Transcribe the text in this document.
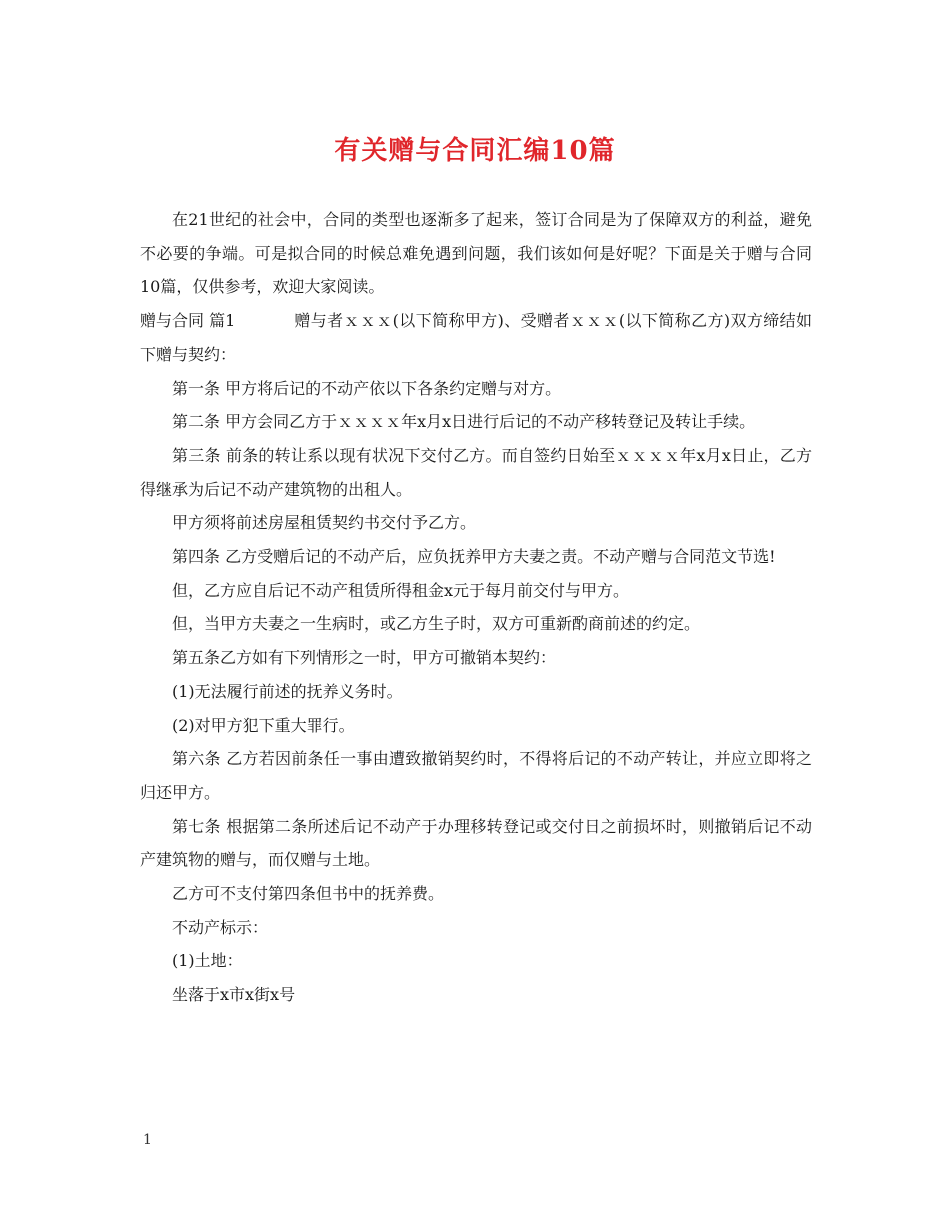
有关赠与合同汇编10篇

在21世纪的社会中，合同的类型也逐渐多了起来，签订合同是为了保障双方的利益，避免不必要的争端。可是拟合同的时候总难免遇到问题，我们该如何是好呢？下面是关于赠与合同10篇，仅供参考，欢迎大家阅读。

赠与合同 篇1	赠与者ｘｘｘ(以下简称甲方)、受赠者ｘｘｘ(以下简称乙方)双方缔结如下赠与契约：

第一条 甲方将后记的不动产依以下各条约定赠与对方。

第二条 甲方会同乙方于ｘｘｘｘ年x月x日进行后记的不动产移转登记及转让手续。

第三条 前条的转让系以现有状况下交付乙方。而自签约日始至ｘｘｘｘ年x月x日止，乙方得继承为后记不动产建筑物的出租人。

甲方须将前述房屋租赁契约书交付予乙方。

第四条 乙方受赠后记的不动产后，应负抚养甲方夫妻之责。不动产赠与合同范文节选!

但，乙方应自后记不动产租赁所得租金x元于每月前交付与甲方。

但，当甲方夫妻之一生病时，或乙方生子时，双方可重新酌商前述的约定。

第五条乙方如有下列情形之一时，甲方可撤销本契约：

(1)无法履行前述的抚养义务时。

(2)对甲方犯下重大罪行。

第六条 乙方若因前条任一事由遭致撤销契约时，不得将后记的不动产转让，并应立即将之归还甲方。

第七条 根据第二条所述后记不动产于办理移转登记或交付日之前损坏时，则撤销后记不动产建筑物的赠与，而仅赠与土地。

乙方可不支付第四条但书中的抚养费。

不动产标示：

(1)土地：

坐落于x市x街x号

1
